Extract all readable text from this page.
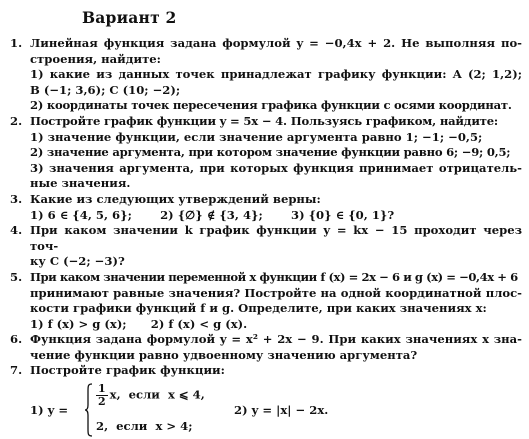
Вариант 2
1. Линейная функция задана формулой y = −0,4x + 2. Не выполняя по-
строения, найдите:
1) какие из данных точек принадлежат графику функции: A (2; 1,2);
B (−1; 3,6); C (10; −2);
2) координаты точек пересечения графика функции с осями координат.
2. Постройте график функции y = 5x − 4. Пользуясь графиком, найдите:
1) значение функции, если значение аргумента равно 1; −1; −0,5;
2) значение аргумента, при котором значение функции равно 6; −9; 0,5;
3) значения аргумента, при которых функция принимает отрицатель-
ные значения.
3. Какие из следующих утверждений верны:
1) 6 ∈ {4, 5, 6};       2) {∅} ∉ {3, 4};       3) {0} ∈ {0, 1}?
4. При каком значении k график функции y = kx − 15 проходит через точ-
ку C (−2; −3)?
5. При каком значении переменной x функции f (x) = 2x − 6 и g (x) = −0,4x + 6
принимают равные значения? Постройте на одной координатной плос-
кости графики функций f и g. Определите, при каких значениях x:
1) f (x) > g (x);      2) f (x) < g (x).
6. Функция задана формулой y = x² + 2x − 9. При каких значениях x зна-
чение функции равно удвоенному значению аргумента?
7. Постройте график функции:
1) y =
$\frac{1}{2} x$,  если  x ⩽ 4,
2,  если  x > 4;
2) y = |x| − 2x.
